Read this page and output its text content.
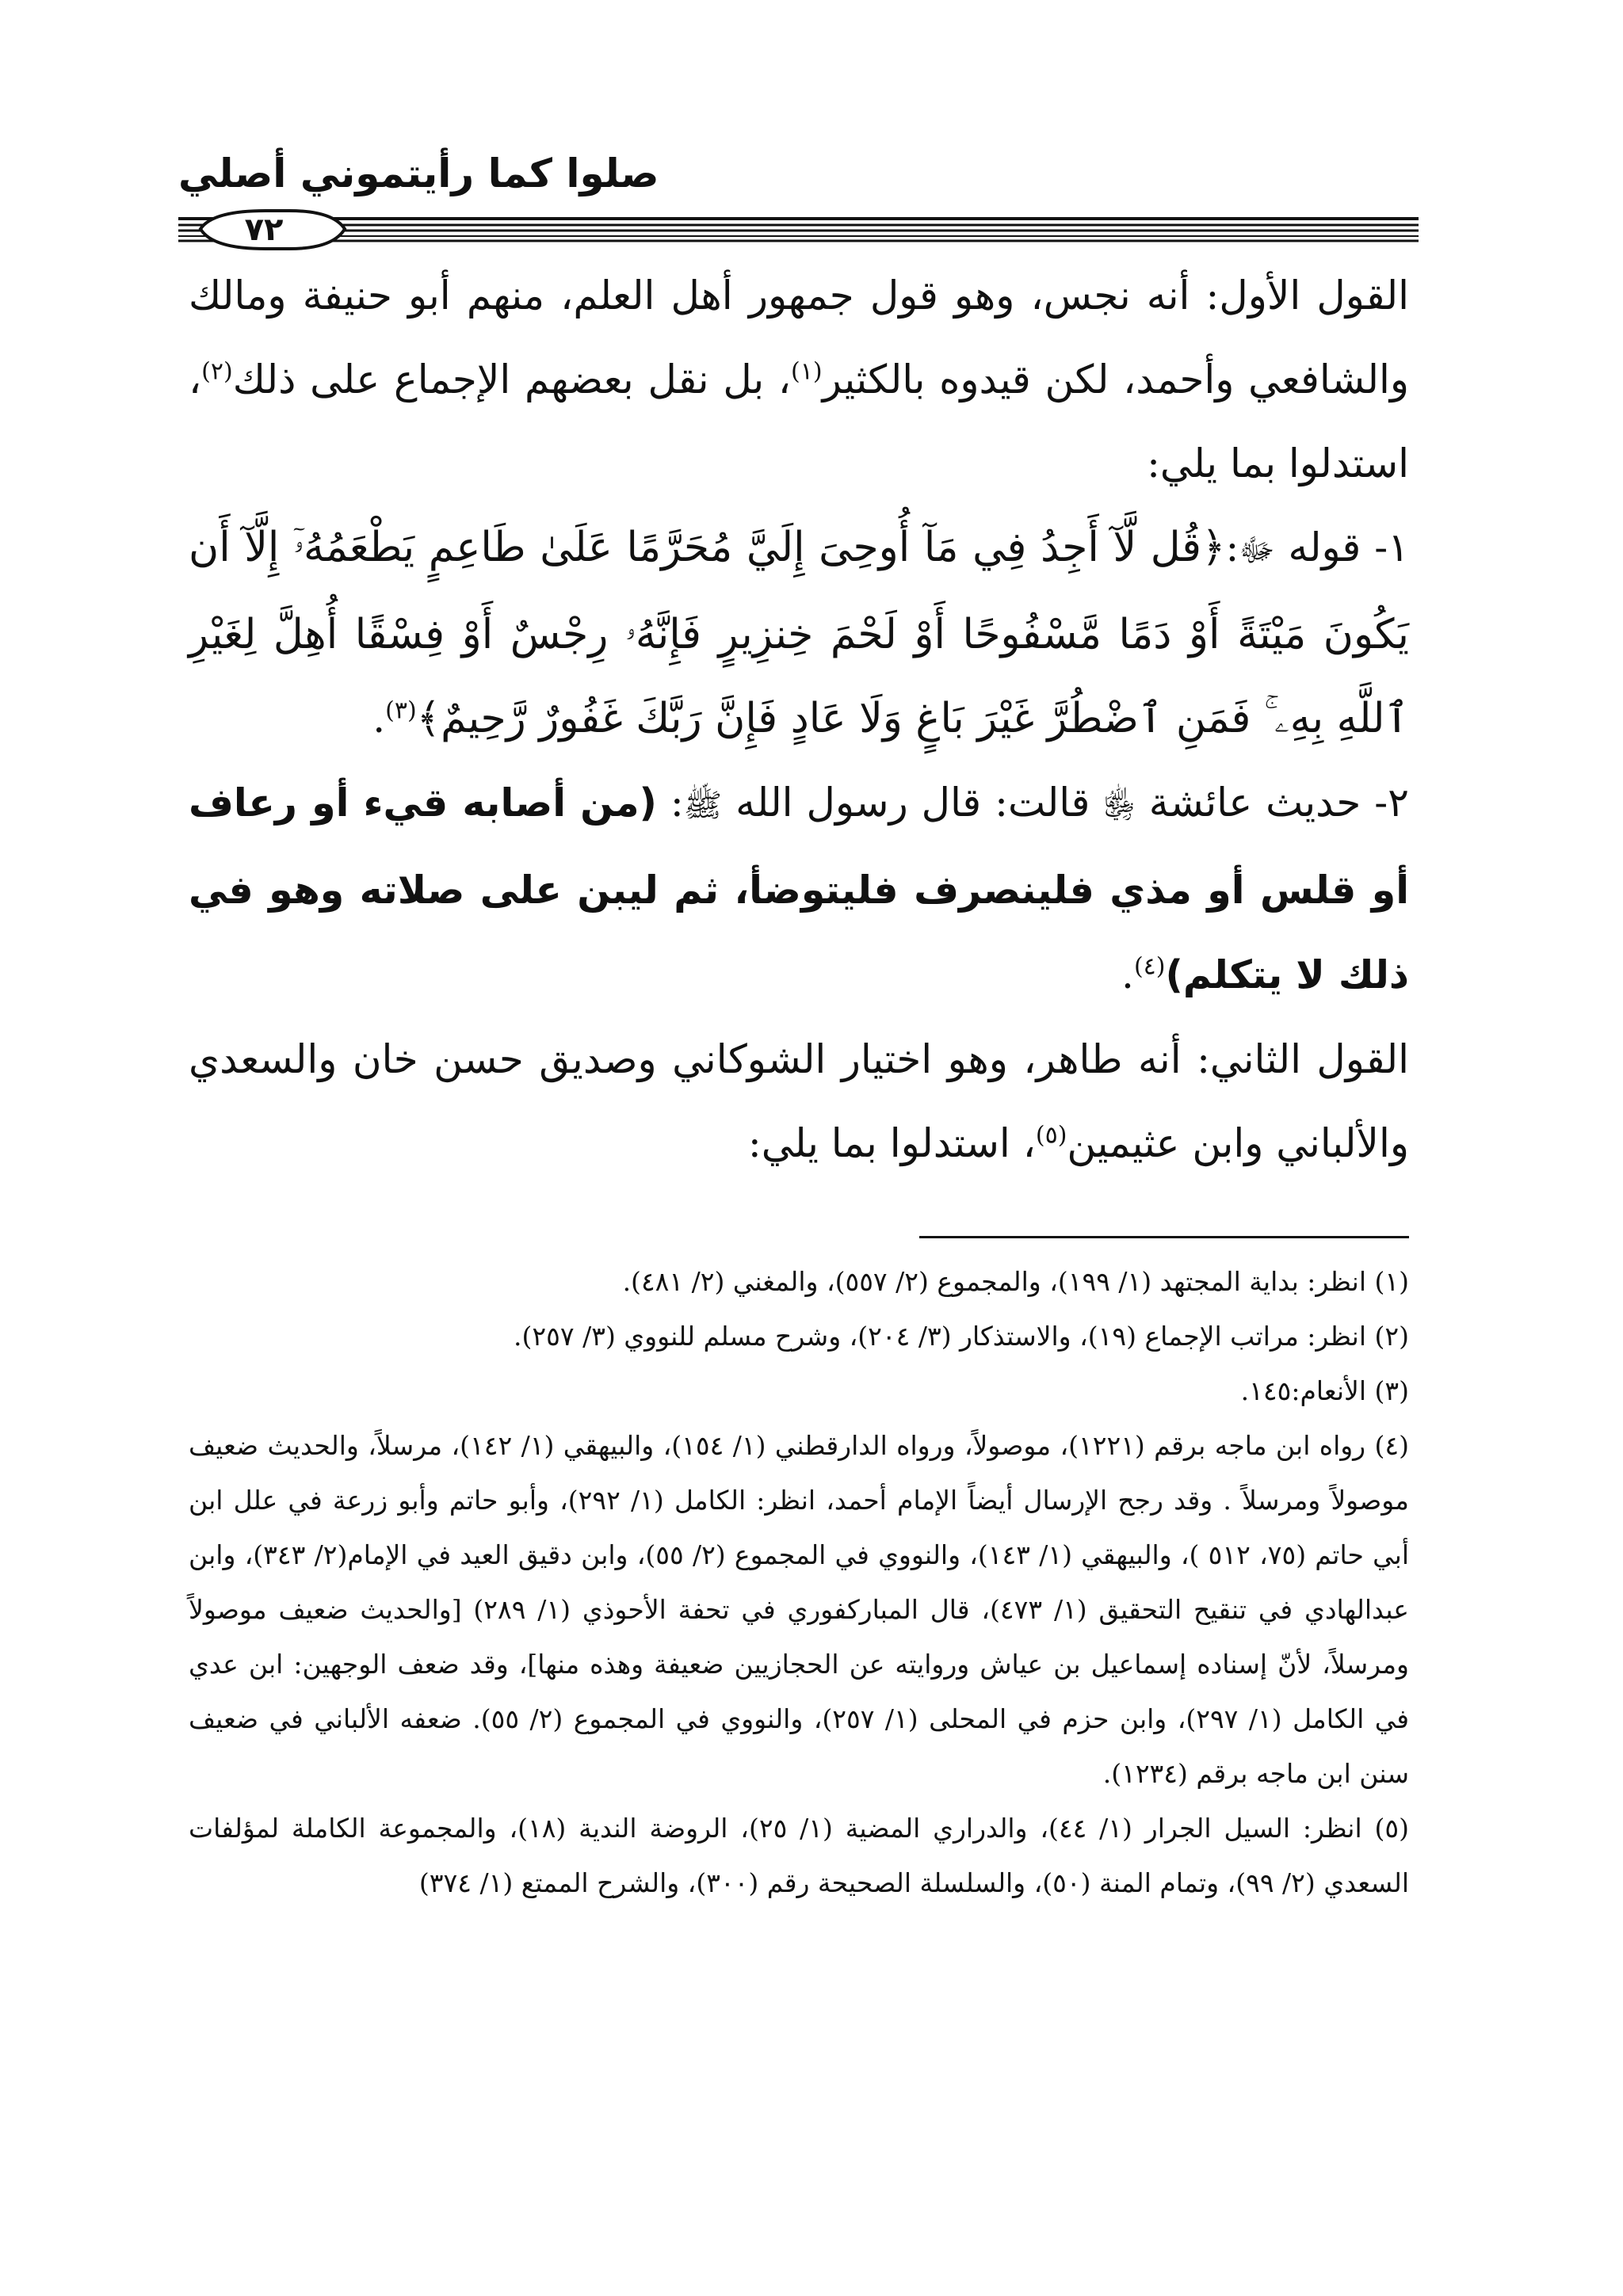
صلوا كما رأيتموني أصلي
٧٢

القول الأول: أنه نجس، وهو قول جمهور أهل العلم، منهم أبو حنيفة ومالك والشافعي وأحمد، لكن قيدوه بالكثير$^{(١)}$، بل نقل بعضهم الإجماع على ذلك$^{(٢)}$، استدلوا بما يلي:

١- قوله ﷻ:﴿قُل لَّآ أَجِدُ فِي مَآ أُوحِىَ إِلَيَّ مُحَرَّمًا عَلَىٰ طَاعِمٍ يَطْعَمُهُۥٓ إِلَّآ أَن يَكُونَ مَيْتَةً أَوْ دَمًا مَّسْفُوحًا أَوْ لَحْمَ خِنزِيرٍ فَإِنَّهُۥ رِجْسٌ أَوْ فِسْقًا أُهِلَّ لِغَيْرِ ٱللَّهِ بِهِۦ ۚ فَمَنِ ٱضْطُرَّ غَيْرَ بَاغٍ وَلَا عَادٍ فَإِنَّ رَبَّكَ غَفُورٌ رَّحِيمٌ﴾$^{(٣)}$.

٢- حديث عائشة ﵂ قالت: قال رسول الله ﷺ: (من أصابه قيء أو رعاف أو قلس أو مذي فلينصرف فليتوضأ، ثم ليبن على صلاته وهو في ذلك لا يتكلم)$^{(٤)}$.

القول الثاني: أنه طاهر، وهو اختيار الشوكاني وصديق حسن خان والسعدي والألباني وابن عثيمين$^{(٥)}$، استدلوا بما يلي:

(١) انظر: بداية المجتهد (١/ ١٩٩)، والمجموع (٢/ ٥٥٧)، والمغني (٢/ ٤٨١).

(٢) انظر: مراتب الإجماع (١٩)، والاستذكار (٣/ ٢٠٤)، وشرح مسلم للنووي (٣/ ٢٥٧).

(٣) الأنعام:١٤٥.

(٤) رواه ابن ماجه برقم (١٢٢١)، موصولاً، ورواه الدارقطني (١/ ١٥٤)، والبيهقي (١/ ١٤٢)، مرسلاً، والحديث ضعيف موصولاً ومرسلاً . وقد رجح الإرسال أيضاً الإمام أحمد، انظر: الكامل (١/ ٢٩٢)، وأبو حاتم وأبو زرعة في علل ابن أبي حاتم (٧٥، ٥١٢ )، والبيهقي (١/ ١٤٣)، والنووي في المجموع (٢/ ٥٥)، وابن دقيق العيد في الإمام(٢/ ٣٤٣)، وابن عبدالهادي في تنقيح التحقيق (١/ ٤٧٣)، قال المباركفوري في تحفة الأحوذي (١/ ٢٨٩) [والحديث ضعيف موصولاً ومرسلاً، لأنّ إسناده إسماعيل بن عياش وروايته عن الحجازيين ضعيفة وهذه منها]، وقد ضعف الوجهين: ابن عدي في الكامل (١/ ٢٩٧)، وابن حزم في المحلى (١/ ٢٥٧)، والنووي في المجموع (٢/ ٥٥). ضعفه الألباني في ضعيف سنن ابن ماجه برقم (١٢٣٤).

(٥) انظر: السيل الجرار (١/ ٤٤)، والدراري المضية (١/ ٢٥)، الروضة الندية (١٨)، والمجموعة الكاملة لمؤلفات السعدي (٢/ ٩٩)، وتمام المنة (٥٠)، والسلسلة الصحيحة رقم (٣٠٠)، والشرح الممتع (١/ ٣٧٤)
